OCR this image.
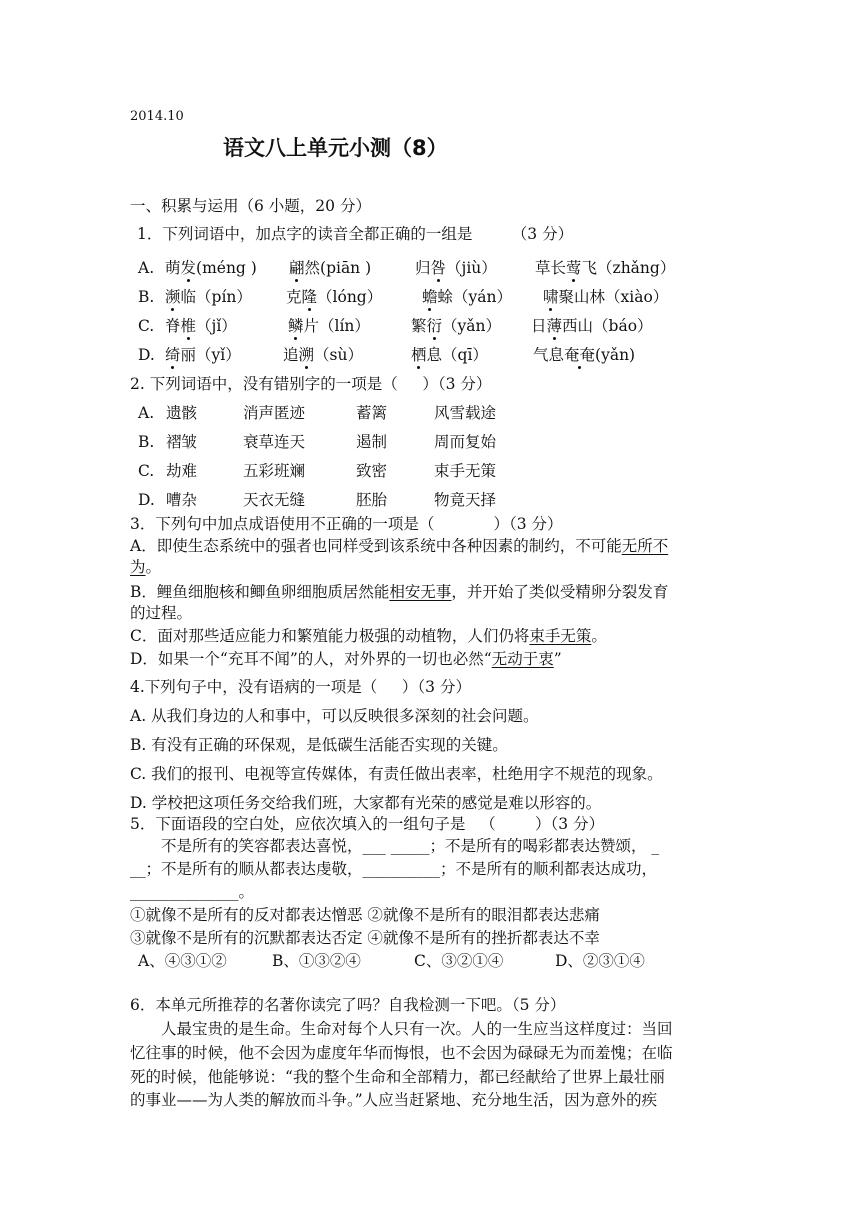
2014.10
语文八上单元小测（8）
一、积累与运用（6 小题，20 分）
1．下列词语中，加点字的读音全都正确的一组是        （3 分）
A. 萌发(méng ) 翩然(piān )	归咎（jiù） 草长莺飞（zhǎng）
B. 濒临（pín） 克隆（lóng）	蟾蜍（yán） 啸聚山林（xiào）
C. 脊椎（jǐ）	鳞片（lín）	繁衍（yǎn） 日薄西山（báo）
D. 绮丽（yǐ）	追溯（sù）	栖息（qī）	气息奄奄(yǎn)
2. 下列词语中，没有错别字的一项是（     ）（3 分）
A. 遗骸	消声匿迹	蓄篱	风雪载途
B. 褶皱	衰草连天	遏制	周而复始
C. 劫难	五彩班斓	致密	束手无策
D. 嘈杂	天衣无缝	胚胎	物竟天择
3．下列句中加点成语使用不正确的一项是（            ）（3 分）
A．即使生态系统中的强者也同样受到该系统中各种因素的制约，不可能无所不
为。
B．鲤鱼细胞核和鲫鱼卵细胞质居然能相安无事，并开始了类似受精卵分裂发育
的过程。
C．面对那些适应能力和繁殖能力极强的动植物，人们仍将束手无策。
D．如果一个“充耳不闻”的人，对外界的一切也必然“无动于衷”
4.下列句子中，没有语病的一项是（     ）（3 分）
A. 从我们身边的人和事中，可以反映很多深刻的社会问题。
B. 有没有正确的环保观，是低碳生活能否实现的关键。
C. 我们的报刊、电视等宣传媒体，有责任做出表率，杜绝用字不规范的现象。
D. 学校把这项任务交给我们班，大家都有光荣的感觉是难以形容的。
5．下面语段的空白处，应依次填入的一组句子是   （        ）（3 分）
不是所有的笑容都表达喜悦，___ _____；不是所有的喝彩都表达赞颂， _
__；不是所有的顺从都表达虔敬，__________；不是所有的顺利都表达成功，
______________。
①就像不是所有的反对都表达憎恶 ②就像不是所有的眼泪都表达悲痛
③就像不是所有的沉默都表达否定 ④就像不是所有的挫折都表达不幸
A、④③①②	B、①③②④	C、③②①④	D、②③①④
6．本单元所推荐的名著你读完了吗？自我检测一下吧。（5 分）
人最宝贵的是生命。生命对每个人只有一次。人的一生应当这样度过：当回
忆往事的时候，他不会因为虚度年华而悔恨，也不会因为碌碌无为而羞愧；在临
死的时候，他能够说：“我的整个生命和全部精力，都已经献给了世界上最壮丽
的事业——为人类的解放而斗争。”人应当赶紧地、充分地生活，因为意外的疾
